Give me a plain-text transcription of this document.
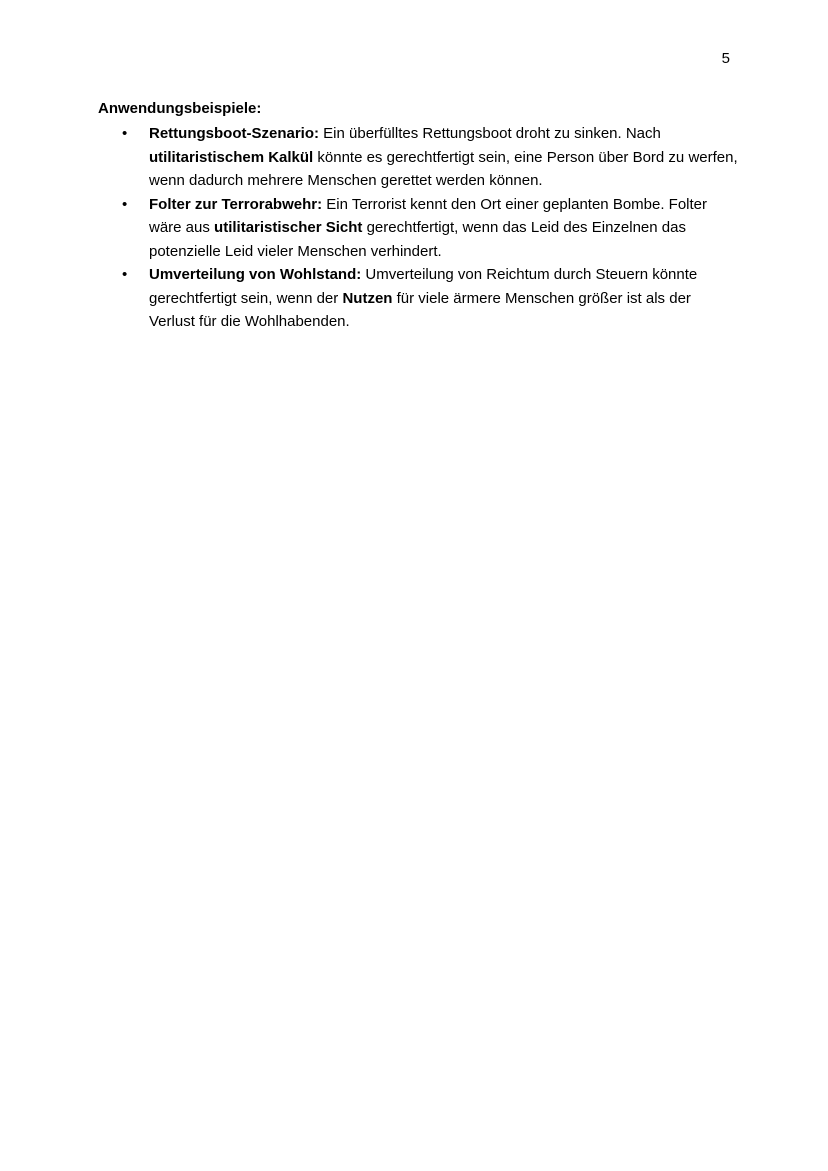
5
Anwendungsbeispiele:
• Rettungsboot-Szenario: Ein überfülltes Rettungsboot droht zu sinken. Nach utilitaristischem Kalkül könnte es gerechtfertigt sein, eine Person über Bord zu werfen, wenn dadurch mehrere Menschen gerettet werden können.
• Folter zur Terrorabwehr: Ein Terrorist kennt den Ort einer geplanten Bombe. Folter wäre aus utilitaristischer Sicht gerechtfertigt, wenn das Leid des Einzelnen das potenzielle Leid vieler Menschen verhindert.
• Umverteilung von Wohlstand: Umverteilung von Reichtum durch Steuern könnte gerechtfertigt sein, wenn der Nutzen für viele ärmere Menschen größer ist als der Verlust für die Wohlhabenden.
